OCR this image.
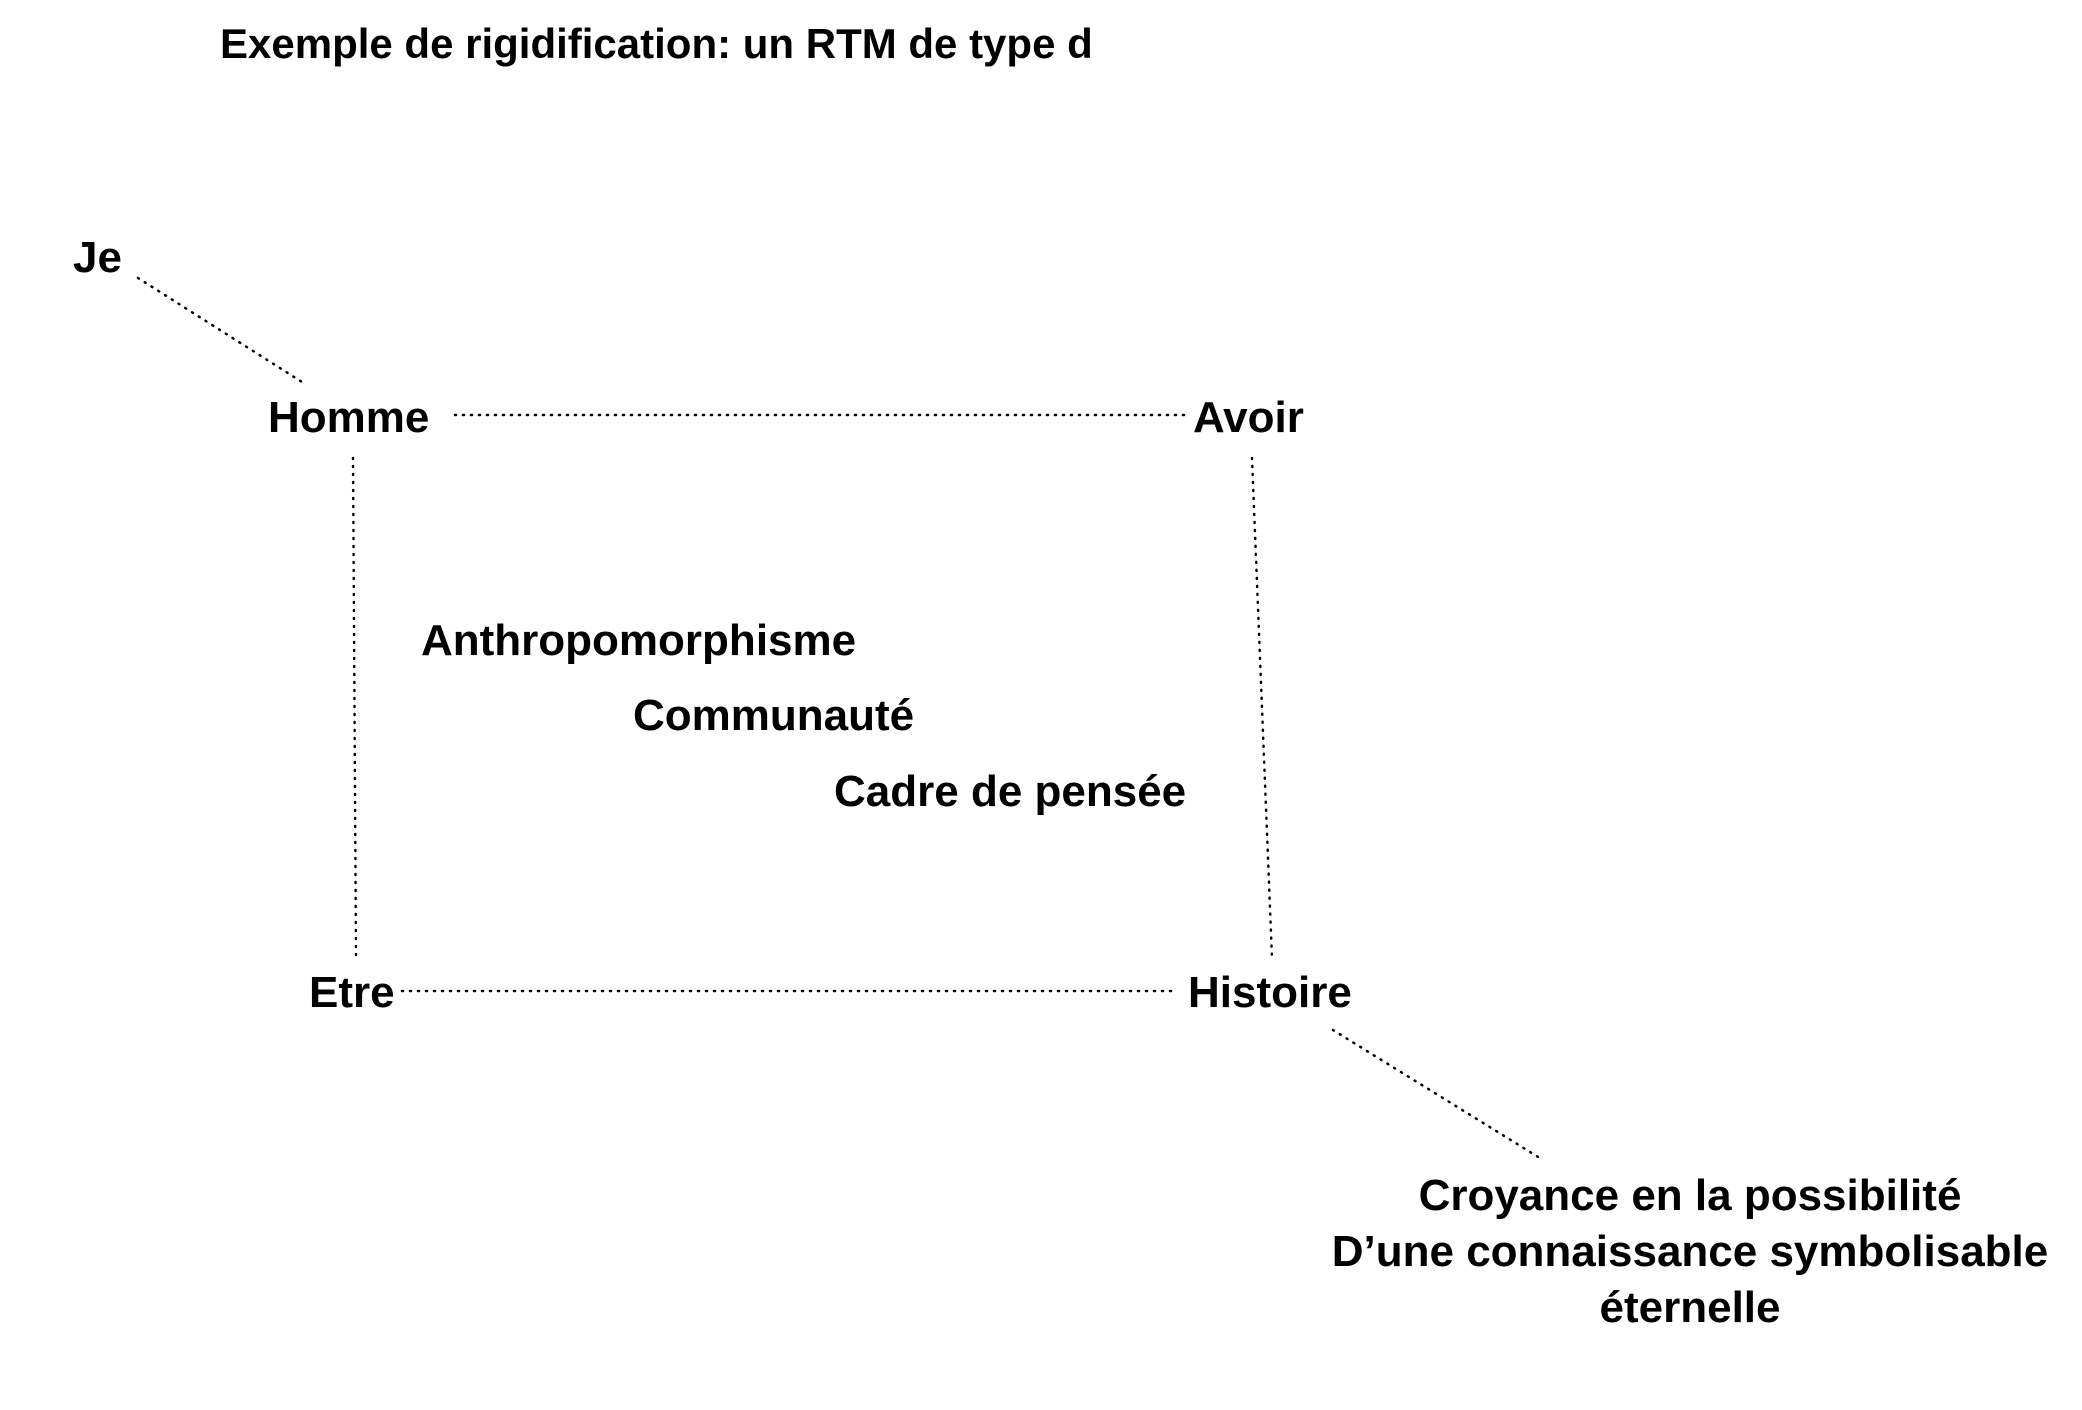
Exemple de rigidification: un RTM de type d
Je
Homme	Avoir
Etre	Histoire
Anthropomorphisme
Communauté
Cadre de pensée
Croyance en la possibilité
D’une connaissance symbolisable
éternelle
